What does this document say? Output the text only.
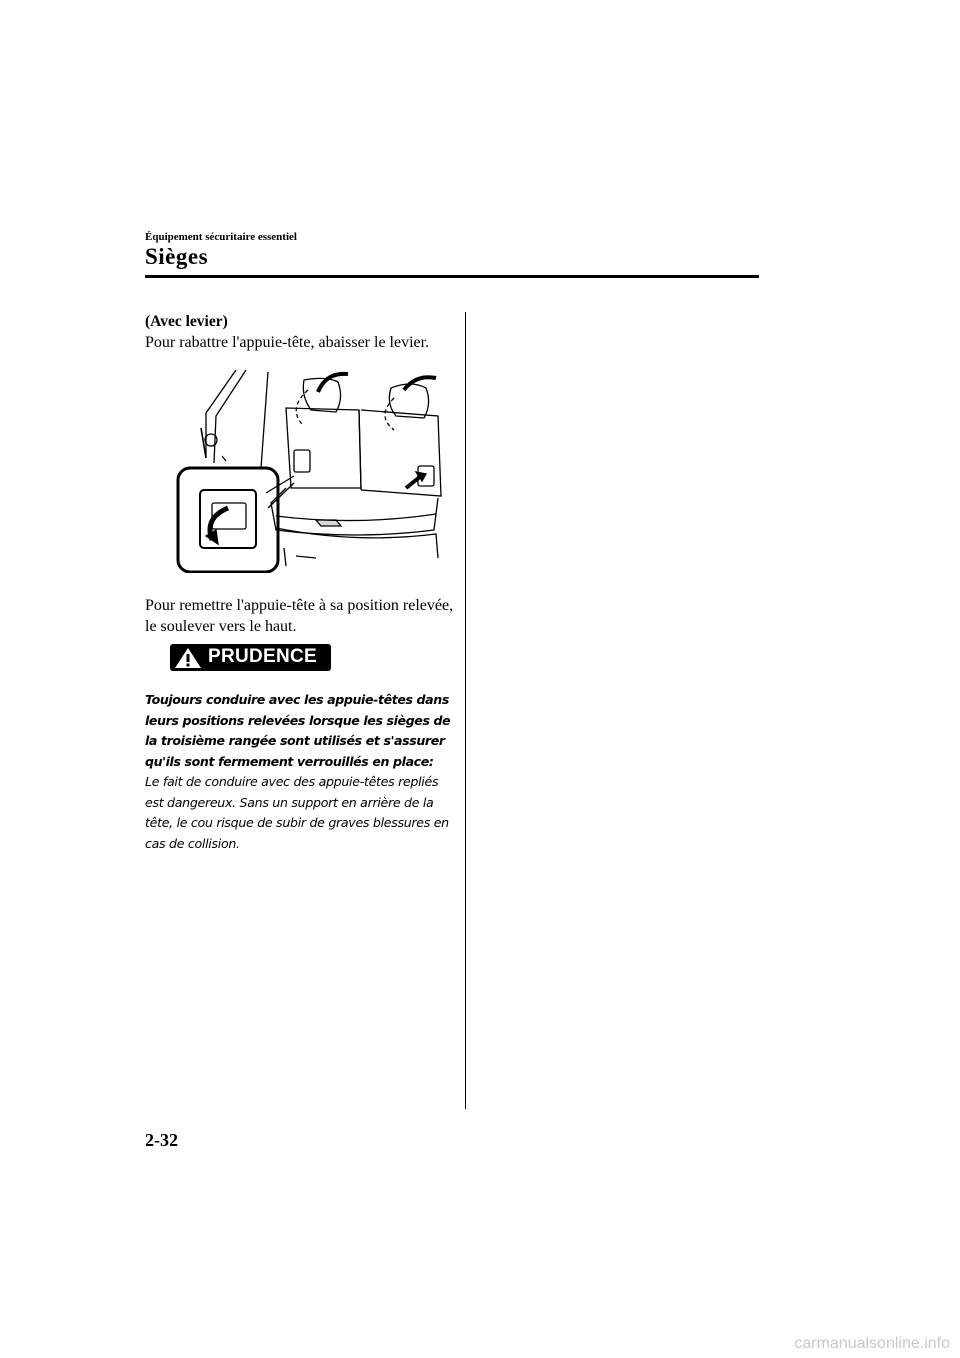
Équipement sécuritaire essentiel
Sièges
(Avec levier)
Pour rabattre l'appuie-tête, abaisser le levier.
Pour remettre l'appuie-tête à sa position relevée, le soulever vers le haut.
PRUDENCE
Toujours conduire avec les appuie-têtes dans leurs positions relevées lorsque les sièges de la troisième rangée sont utilisés et s'assurer qu'ils sont fermement verrouillés en place:
Le fait de conduire avec des appuie-têtes repliés est dangereux. Sans un support en arrière de la tête, le cou risque de subir de graves blessures en cas de collision.
2-32
carmanualsonline.info
